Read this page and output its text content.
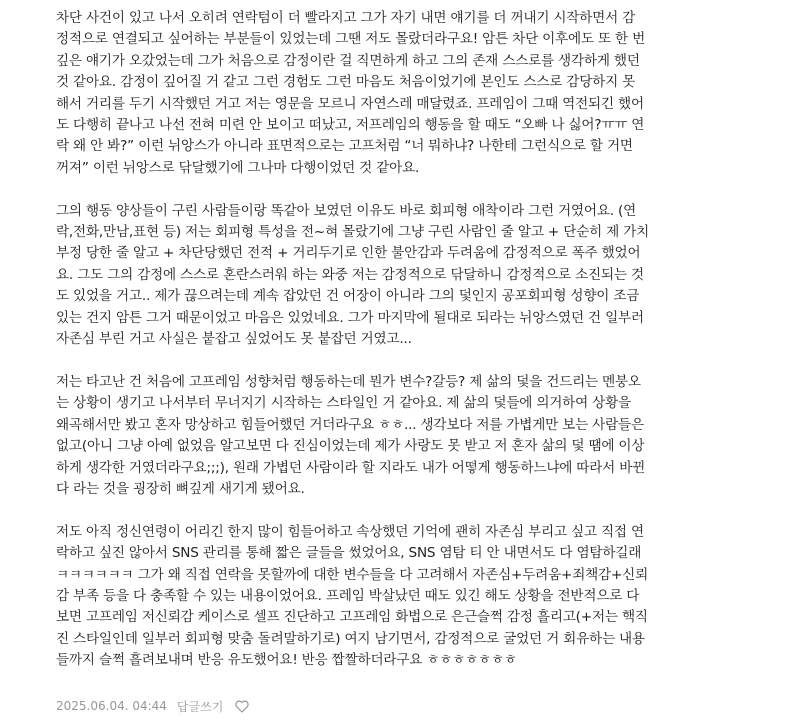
차단 사건이 있고 나서 오히려 연락텀이 더 빨라지고 그가 자기 내면 얘기를 더 꺼내기 시작하면서 감
정적으로 연결되고 싶어하는 부분들이 있었는데 그땐 저도 몰랐더라구요! 암튼 차단 이후에도 또 한 번
깊은 얘기가 오갔었는데 그가 처음으로 감정이란 걸 직면하게 하고 그의 존재 스스로를 생각하게 했던
것 같아요. 감정이 깊어질 거 같고 그런 경험도 그런 마음도 처음이었기에 본인도 스스로 감당하지 못
해서 거리를 두기 시작했던 거고 저는 영문을 모르니 자연스레 매달렸죠. 프레임이 그때 역전되긴 했어
도 다행히 끝나고 나선 전혀 미련 안 보이고 떠났고, 저프레임의 행동을 할 때도 “오빠 나 싫어?ㅠㅠ 연
락 왜 안 봐?” 이런 뉘앙스가 아니라 표면적으로는 고프처럼 “너 뭐하냐? 나한테 그런식으로 할 거면
꺼져” 이런 뉘앙스로 닦달했기에 그나마 다행이었던 것 같아요.

그의 행동 양상들이 구린 사람들이랑 똑같아 보였던 이유도 바로 회피형 애착이라 그런 거였어요. (연
락,전화,만남,표현 등) 저는 회피형 특성을 전~혀 몰랐기에 그냥 구린 사람인 줄 알고 + 단순히 제 가치
부정 당한 줄 알고 + 차단당했던 전적 + 거리두기로 인한 불안감과 두려움에 감정적으로 폭주 했었어
요. 그도 그의 감정에 스스로 혼란스러워 하는 와중 저는 감정적으로 닦달하니 감정적으로 소진되는 것
도 있었을 거고.. 제가 끊으려는데 계속 잡았던 건 어장이 아니라 그의 덫인지 공포회피형 성향이 조금
있는 건지 암튼 그거 때문이었고 마음은 있었네요. 그가 마지막에 될대로 되라는 뉘앙스였던 건 일부러
자존심 부린 거고 사실은 붙잡고 싶었어도 못 붙잡던 거였고...

저는 타고난 건 처음에 고프레임 성향처럼 행동하는데 뭔가 변수?갈등? 제 삶의 덫을 건드리는 멘붕오
는 상황이 생기고 나서부터 무너지기 시작하는 스타일인 거 같아요. 제 삶의 덫들에 의거하여 상황을
왜곡해서만 봤고 혼자 망상하고 힘들어했던 거더라구요 ㅎㅎ... 생각보다 저를 가볍게만 보는 사람들은
없고(아니 그냥 아예 없었음 알고보면 다 진심이었는데 제가 사랑도 못 받고 저 혼자 삶의 덫 땜에 이상
하게 생각한 거였더라구요;;;), 원래 가볍던 사람이라 할 지라도 내가 어떻게 행동하느냐에 따라서 바뀐
다 라는 것을 굉장히 뼈깊게 새기게 됐어요.

저도 아직 정신연령이 어리긴 한지 많이 힘들어하고 속상했던 기억에 괜히 자존심 부리고 싶고 직접 연
락하고 싶진 않아서 SNS 관리를 통해 짧은 글들을 썼었어요, SNS 염탐 티 안 내면서도 다 염탐하길래
ㅋㅋㅋㅋㅋㅋ 그가 왜 직접 연락을 못할까에 대한 변수들을 다 고려해서 자존심+두려움+죄책감+신뢰
감 부족 등을 다 충족할 수 있는 내용이었어요. 프레임 박살났던 때도 있긴 해도 상황을 전반적으로 다
보면 고프레임 저신뢰감 케이스로 셀프 진단하고 고프레임 화법으로 은근슬쩍 감정 흘리고(+저는 핵직
진 스타일인데 일부러 회피형 맞춤 돌려말하기로) 여지 남기면서, 감정적으로 굴었던 거 회유하는 내용
들까지 슬쩍 흘려보내며 반응 유도했어요! 반응 짭짤하더라구요 ㅎㅎㅎㅎㅎㅎㅎ

2025.06.04. 04:44 답글쓰기
